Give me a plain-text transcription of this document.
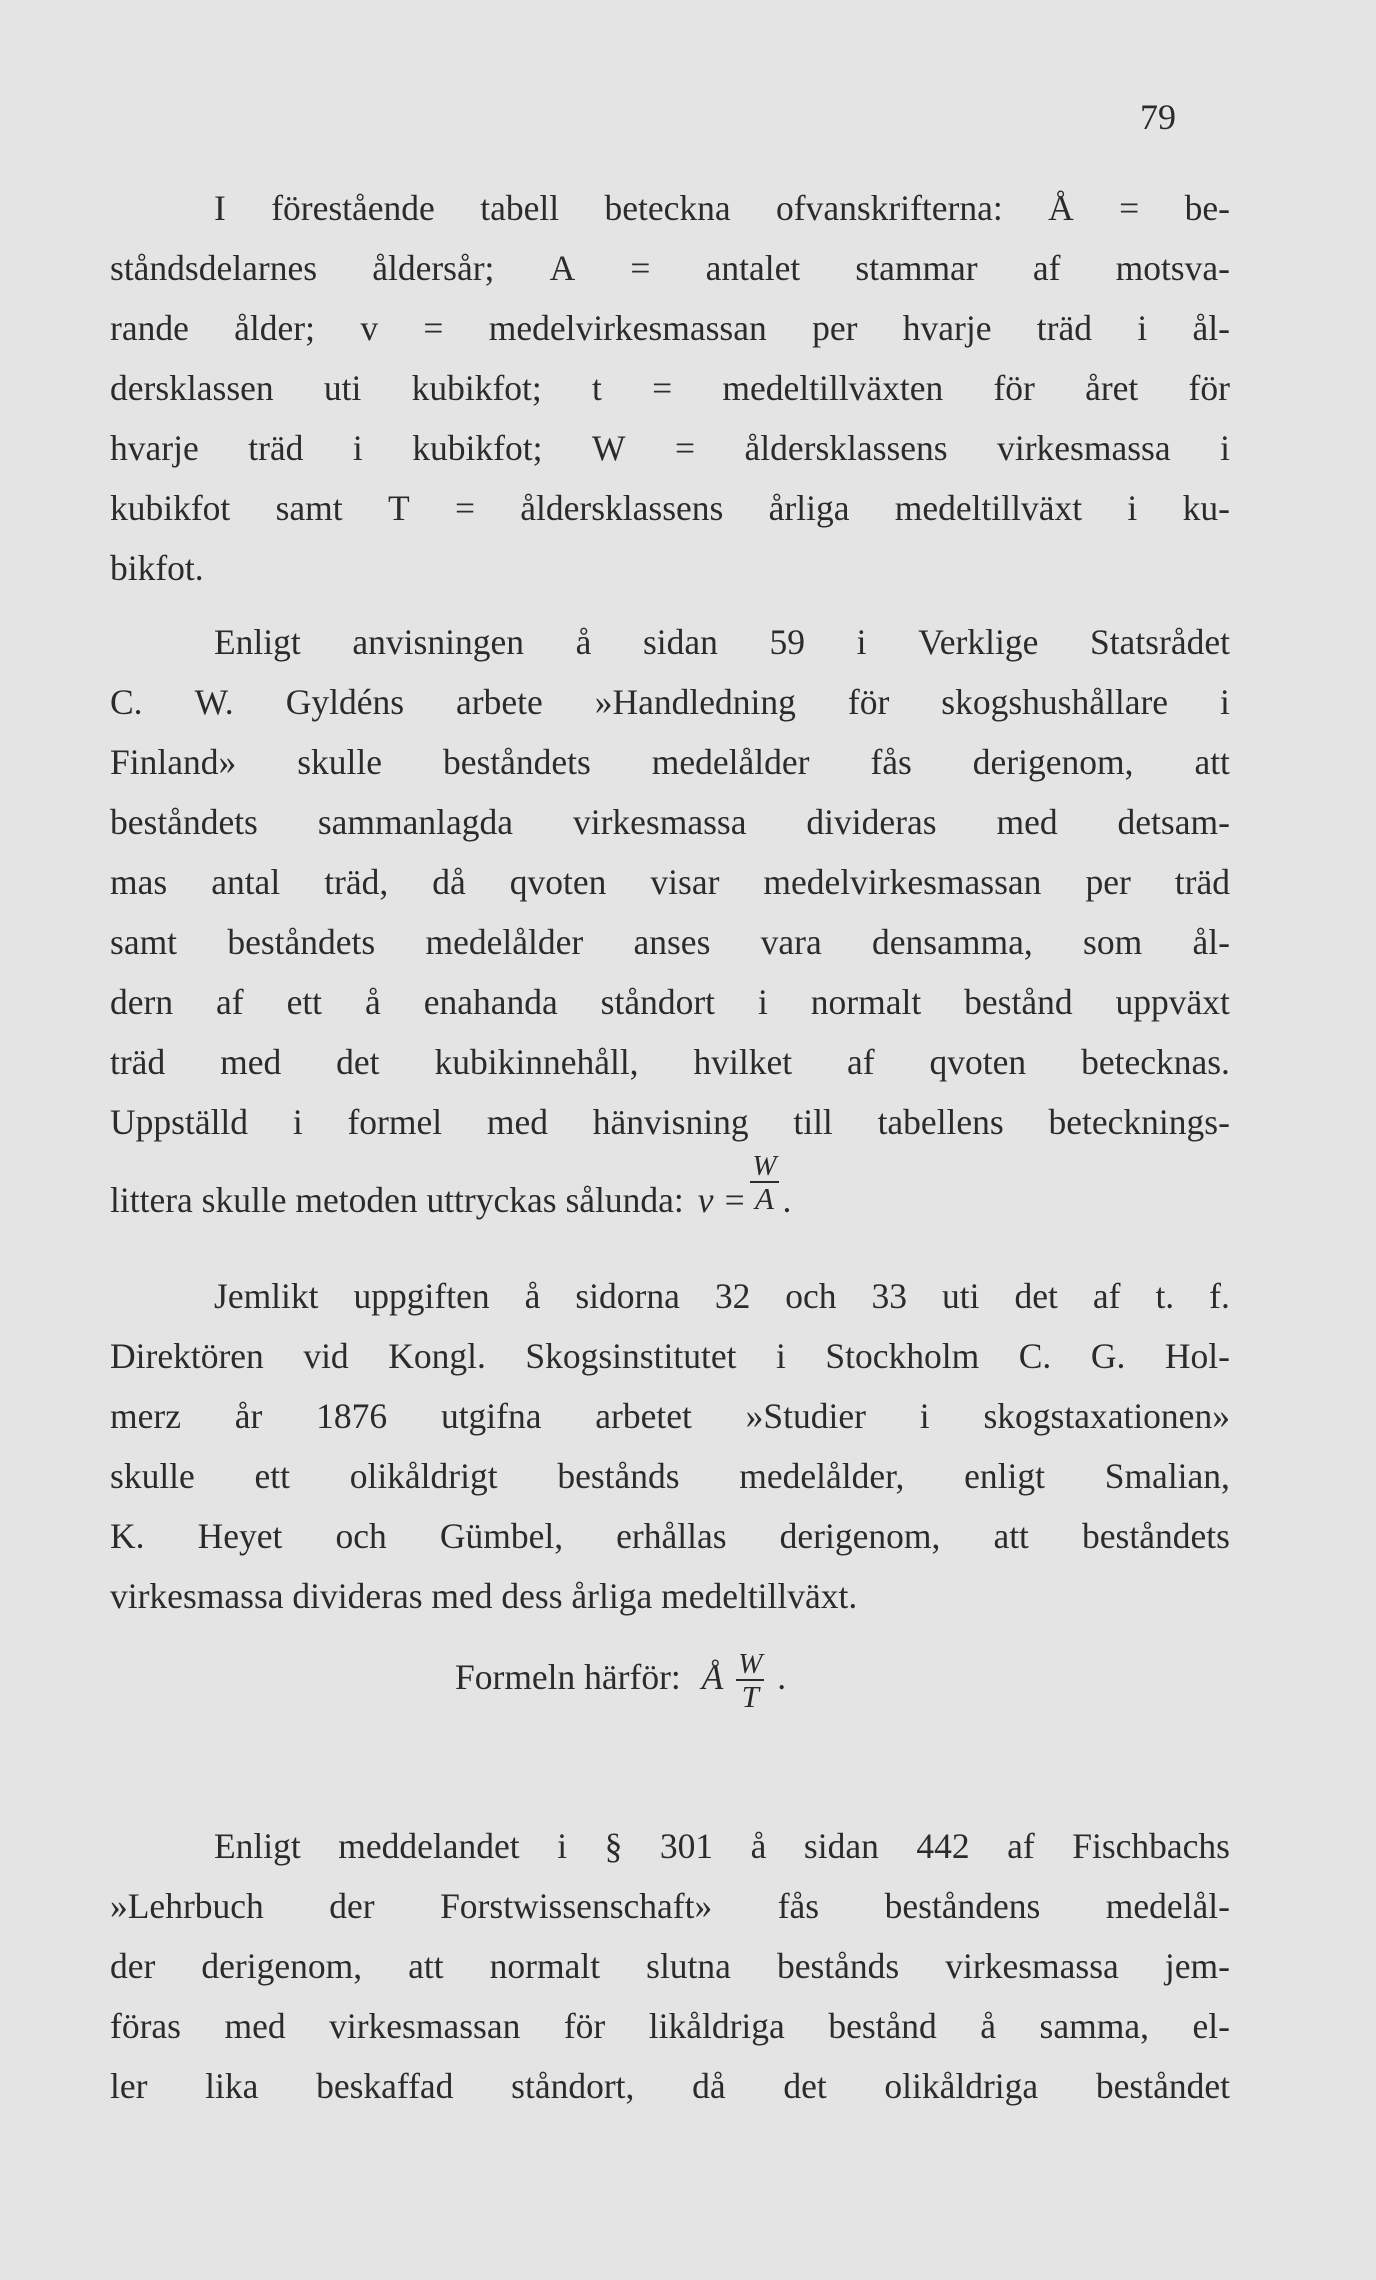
79
I förestående tabell betecknа ofvanskrifterna: Å = be-
ståndsdelarnes åldersår; A = antalet stammar af motsva-
rande ålder; v = medelvirkesmassan per hvarje träd i ål-
dersklassen uti kubikfot; t = medeltillväxten för året för
hvarje träd i kubikfot; W = åldersklassens virkesmassa i
kubikfot samt T = åldersklassens årliga medeltillväxt i ku-
bikfot.
Enligt anvisningen å sidan 59 i Verklige Statsrådet
C. W. Gyldéns arbete »Handledning för skogshushållare i
Finland» skulle beståndets medelålder fås derigenom, att
beståndets sammanlagda virkesmassa divideras med detsam-
mas antal träd, då qvoten visar medelvirkesmassan per träd
samt beståndets medelålder anses vara densamma, som ål-
dern af ett å enahanda ståndort i normalt bestånd uppväxt
träd med det kubikinnehåll, hvilket af qvoten betecknas.
Uppställd i formel med hänvisning till tabellens betecknings-
littera skulle metoden uttryckas sålunda: $v = \frac{W}{A}$ .
Jemlikt uppgiften å sidorna 32 och 33 uti det af t. f.
Direktören vid Kongl. Skogsinstitutet i Stockholm C. G. Hol-
merz år 1876 utgifna arbetet »Studier i skogstaxationen»
skulle ett olikåldrigt bestånds medelålder, enligt Smalian,
K. Heyet och Gümbel, erhållas derigenom, att beståndets
virkesmassa divideras med dess årliga medeltillväxt.
Formeln härför: Å $\frac{W}{T}$ .
Enligt meddelandet i § 301 å sidan 442 af Fischbachs
»Lehrbuch der Forstwissenschaft» fås beståndens medelål-
der derigenom, att normalt slutna bestånds virkesmassa jem-
föras med virkesmassan för likåldriga bestånd å samma, el-
ler lika beskaffad ståndort, då det olikåldriga beståndet
